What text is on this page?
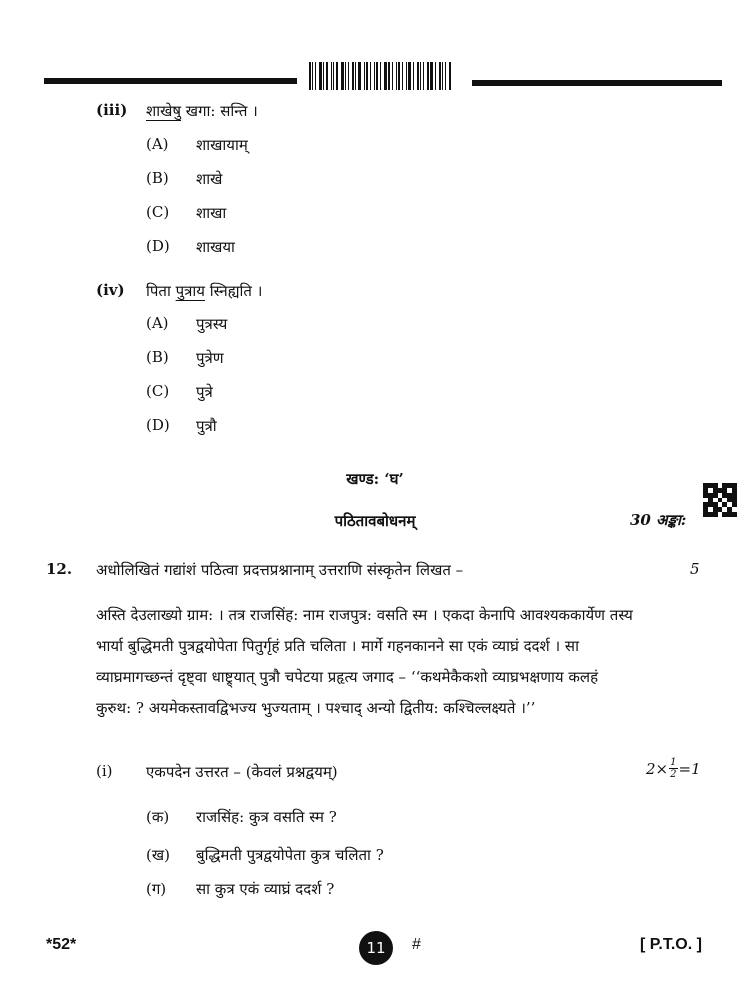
(iii) शाखेषु खगा: सन्ति ।
(A) शाखायाम्
(B) शाखे
(C) शाखा
(D) शाखया
(iv) पिता पुत्राय स्निह्यति ।
(A) पुत्रस्य
(B) पुत्रेण
(C) पुत्रे
(D) पुत्रौ
खण्ड: ‘घ’
पठितावबोधनम्	30 अङ्का:
12. अधोलिखितं गद्यांशं पठित्वा प्रदत्तप्रश्नानाम् उत्तराणि संस्कृतेन लिखत –	5
अस्ति देउलाख्यो ग्राम: । तत्र राजसिंह: नाम राजपुत्र: वसति स्म । एकदा केनापि आवश्यककार्येण तस्य
भार्या बुद्धिमती पुत्रद्वयोपेता पितुर्गृहं प्रति चलिता । मार्गे गहनकानने सा एकं व्याघ्रं ददर्श । सा
व्याघ्रमागच्छन्तं दृष्ट्वा धाष्ट्र्यात् पुत्रौ चपेटया प्रहृत्य जगाद – ‘‘कथमेकैकशो व्याघ्रभक्षणाय कलहं
कुरुथ: ? अयमेकस्तावद्विभज्य भुज्यताम् । पश्चाद् अन्यो द्वितीय: कश्चिल्लक्ष्यते ।’’
(i) एकपदेन उत्तरत – (केवलं प्रश्नद्वयम्)	$2\times \frac{1}{2} =1$
(क) राजसिंह: कुत्र वसति स्म ?
(ख) बुद्धिमती पुत्रद्वयोपेता कुत्र चलिता ?
(ग) सा कुत्र एकं व्याघ्रं ददर्श ?
*52*	11	#	[ P.T.O. ]
